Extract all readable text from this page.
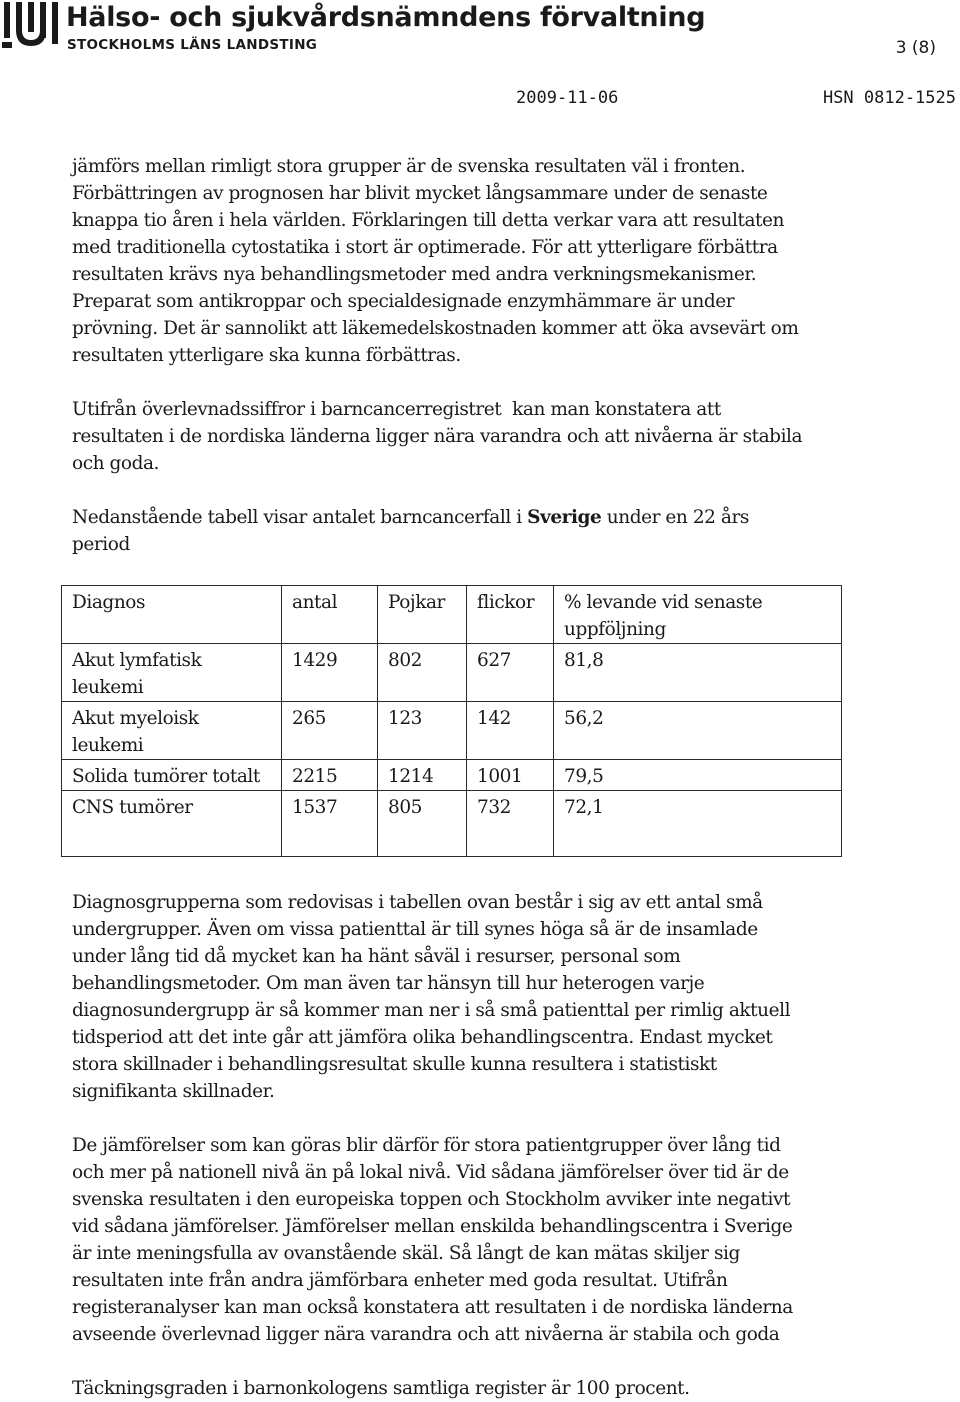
Hälso- och sjukvårdsnämndens förvaltning
STOCKHOLMS LÄNS LANDSTING	3 (8)
2009-11-06	HSN 0812-1525

jämförs mellan rimligt stora grupper är de svenska resultaten väl i fronten.
Förbättringen av prognosen har blivit mycket långsammare under de senaste
knappa tio åren i hela världen. Förklaringen till detta verkar vara att resultaten
med traditionella cytostatika i stort är optimerade. För att ytterligare förbättra
resultaten krävs nya behandlingsmetoder med andra verkningsmekanismer.
Preparat som antikroppar och specialdesignade enzymhämmare är under
prövning. Det är sannolikt att läkemedelskostnaden kommer att öka avsevärt om
resultaten ytterligare ska kunna förbättras.

Utifrån överlevnadssiffror i barncancerregistret  kan man konstatera att
resultaten i de nordiska länderna ligger nära varandra och att nivåerna är stabila
och goda.

Nedanstående tabell visar antalet barncancerfall i Sverige under en 22 års
period

Diagnos	antal	Pojkar	flickor	% levande vid senaste
uppföljning
Akut lymfatisk
leukemi	1429	802	627	81,8
Akut myeloisk
leukemi	265	123	142	56,2
Solida tumörer totalt	2215	1214	1001	79,5
CNS tumörer	1537	805	732	72,1

Diagnosgrupperna som redovisas i tabellen ovan består i sig av ett antal små
undergrupper. Även om vissa patienttal är till synes höga så är de insamlade
under lång tid då mycket kan ha hänt såväl i resurser, personal som
behandlingsmetoder. Om man även tar hänsyn till hur heterogen varje
diagnosundergrupp är så kommer man ner i så små patienttal per rimlig aktuell
tidsperiod att det inte går att jämföra olika behandlingscentra. Endast mycket
stora skillnader i behandlingsresultat skulle kunna resultera i statistiskt
signifikanta skillnader.

De jämförelser som kan göras blir därför för stora patientgrupper över lång tid
och mer på nationell nivå än på lokal nivå. Vid sådana jämförelser över tid är de
svenska resultaten i den europeiska toppen och Stockholm avviker inte negativt
vid sådana jämförelser. Jämförelser mellan enskilda behandlingscentra i Sverige
är inte meningsfulla av ovanstående skäl. Så långt de kan mätas skiljer sig
resultaten inte från andra jämförbara enheter med goda resultat. Utifrån
registeranalyser kan man också konstatera att resultaten i de nordiska länderna
avseende överlevnad ligger nära varandra och att nivåerna är stabila och goda

Täckningsgraden i barnonkologens samtliga register är 100 procent.
